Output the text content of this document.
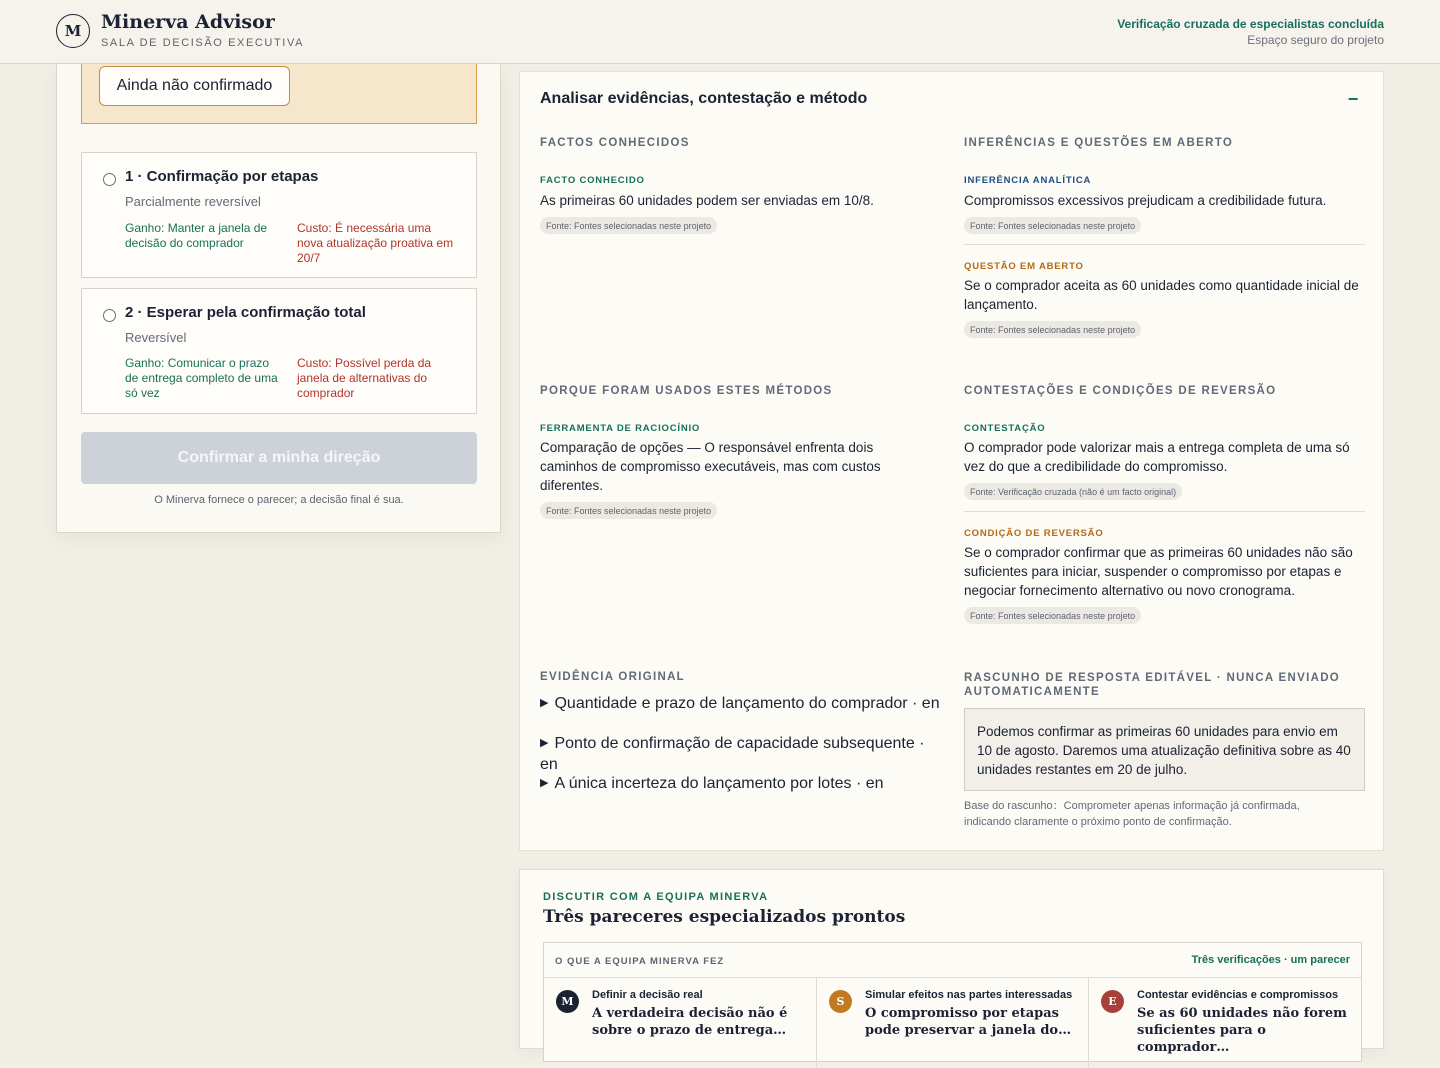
M	Minerva Advisor
SALA DE DECISÃO EXECUTIVA
Verificação cruzada de especialistas concluída
Espaço seguro do projeto
Ainda não confirmado
1 · Confirmação por etapas
Parcialmente reversível
Ganho: Manter a janela de decisão do comprador
Custo: É necessária uma nova atualização proativa em 20/7
2 · Esperar pela confirmação total
Reversível
Ganho: Comunicar o prazo de entrega completo de uma só vez
Custo: Possível perda da janela de alternativas do comprador
Confirmar a minha direção
O Minerva fornece o parecer; a decisão final é sua.
Analisar evidências, contestação e método	−
FACTOS CONHECIDOS
FACTO CONHECIDO
As primeiras 60 unidades podem ser enviadas em 10/8.
Fonte: Fontes selecionadas neste projeto
INFERÊNCIAS E QUESTÕES EM ABERTO
INFERÊNCIA ANALÍTICA
Compromissos excessivos prejudicam a credibilidade futura.
Fonte: Fontes selecionadas neste projeto
QUESTÃO EM ABERTO
Se o comprador aceita as 60 unidades como quantidade inicial de lançamento.
Fonte: Fontes selecionadas neste projeto
PORQUE FORAM USADOS ESTES MÉTODOS
FERRAMENTA DE RACIOCÍNIO
Comparação de opções — O responsável enfrenta dois caminhos de compromisso executáveis, mas com custos diferentes.
Fonte: Fontes selecionadas neste projeto
CONTESTAÇÕES E CONDIÇÕES DE REVERSÃO
CONTESTAÇÃO
O comprador pode valorizar mais a entrega completa de uma só vez do que a credibilidade do compromisso.
Fonte: Verificação cruzada (não é um facto original)
CONDIÇÃO DE REVERSÃO
Se o comprador confirmar que as primeiras 60 unidades não são suficientes para iniciar, suspender o compromisso por etapas e negociar fornecimento alternativo ou novo cronograma.
Fonte: Fontes selecionadas neste projeto
EVIDÊNCIA ORIGINAL
▶ Quantidade e prazo de lançamento do comprador · en
▶ Ponto de confirmação de capacidade subsequente · en
▶ A única incerteza do lançamento por lotes · en
RASCUNHO DE RESPOSTA EDITÁVEL · NUNCA ENVIADO AUTOMATICAMENTE
Podemos confirmar as primeiras 60 unidades para envio em 10 de agosto. Daremos uma atualização definitiva sobre as 40 unidades restantes em 20 de julho.
Base do rascunho：Comprometer apenas informação já confirmada, indicando claramente o próximo ponto de confirmação.
DISCUTIR COM A EQUIPA MINERVA
Três pareceres especializados prontos
O QUE A EQUIPA MINERVA FEZ	Três verificações · um parecer
M	Definir a decisão real
A verdadeira decisão não é sobre o prazo de entrega…
S	Simular efeitos nas partes interessadas
O compromisso por etapas pode preservar a janela do…
E	Contestar evidências e compromissos
Se as 60 unidades não forem suficientes para o comprador…
